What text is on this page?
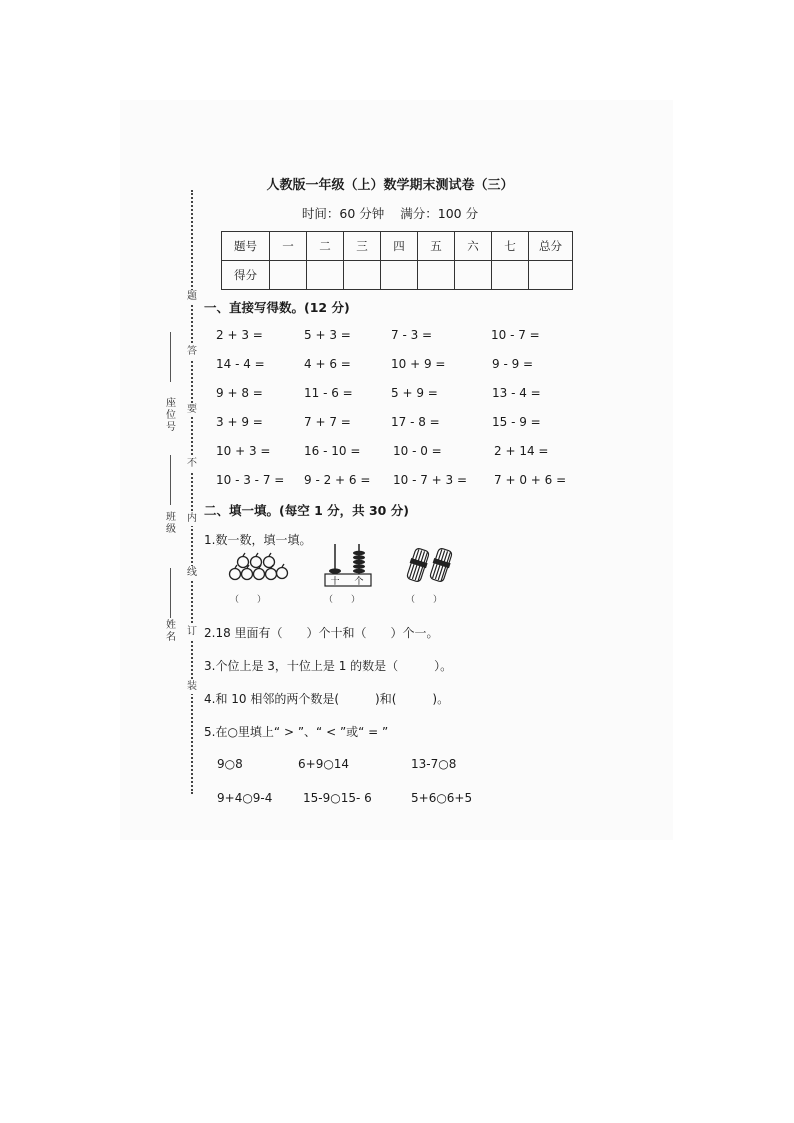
题
答
要
不
内
线
订
装
座位号
班级
姓名
人教版一年级（上）数学期末测试卷（三）
时间：60 分钟 满分：100 分
题号	一	二	三	四	五	六	七	总分
得分								
一、直接写得数。(12 分)
2 + 3 =	5 + 3 =	7 - 3 =	10 - 7 =
14 - 4 =	4 + 6 =	10 + 9 =	9 - 9 =
9 + 8 =	11 - 6 =	5 + 9 =	13 - 4 =
3 + 9 =	7 + 7 =	17 - 8 =	15 - 9 =
10 + 3 =	16 - 10 =	10 - 0 =	2 + 14 =
10 - 3 - 7 = 9 - 2 + 6 = 10 - 7 + 3 = 7 + 0 + 6 =
二、填一填。(每空 1 分，共 30 分)
1.数一数，填一填。
十 个
（　　）	（　　）	（　　）
2.18 里面有（　　）个十和（　　）个一。
3.个位上是 3，十位上是 1 的数是（　　　）。
4.和 10 相邻的两个数是(　　　)和(　　　)。
5.在○里填上“ > ”、“ < ”或“ = ”
9○8	6+9○14	13-7○8
9+4○9-4	15-9○15- 6	5+6○6+5
